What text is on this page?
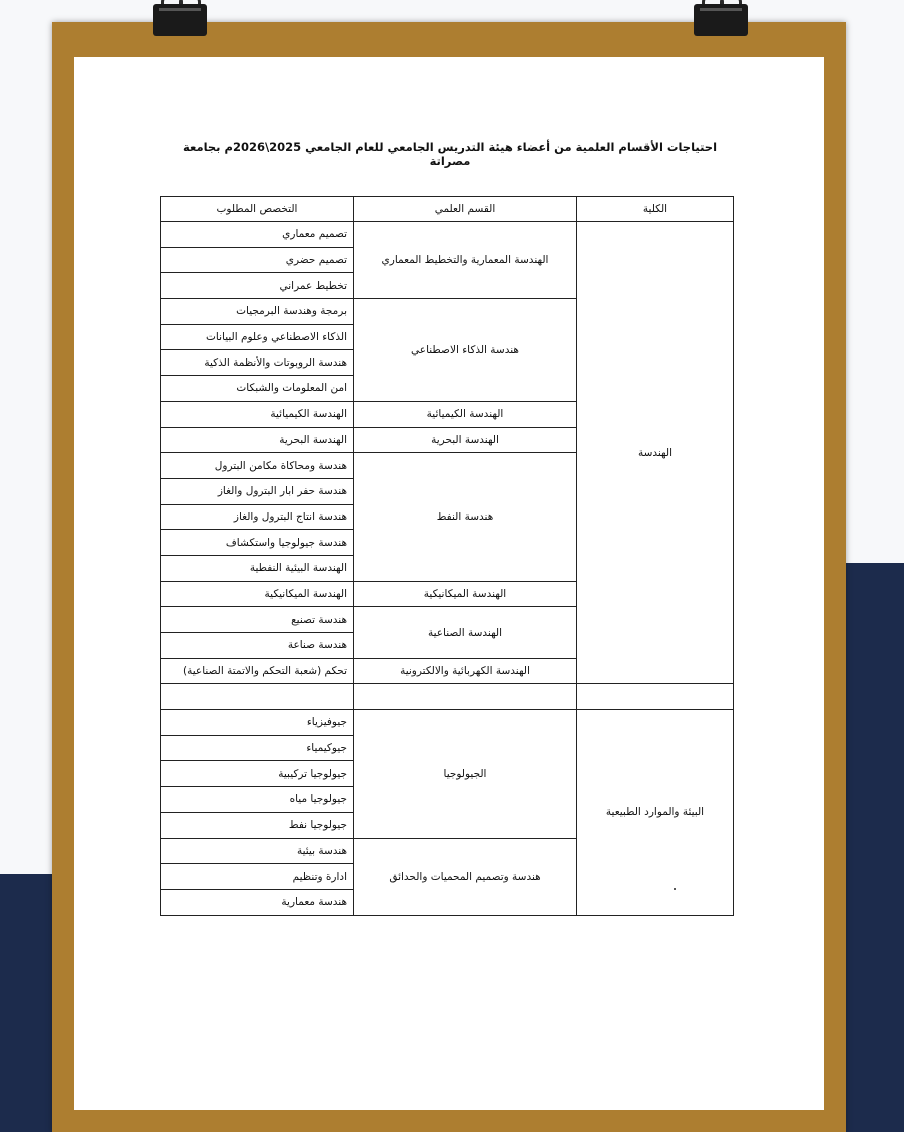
احتياجات الأقسام العلمية من أعضاء هيئة التدريس الجامعي للعام الجامعي 2025\2026م بجامعة مصراتة
الكلية	القسم العلمي	التخصص المطلوب
الهندسة	الهندسة المعمارية والتخطيط المعماري	تصميم معماري
		تصميم حضري
		تخطيط عمراني
	هندسة الذكاء الاصطناعي	برمجة وهندسة البرمجيات
		الذكاء الاصطناعي وعلوم البيانات
		هندسة الروبوتات والأنظمة الذكية
		امن المعلومات والشبكات
	الهندسة الكيميائية	الهندسة الكيميائية
	الهندسة البحرية	الهندسة البحرية
	هندسة النفط	هندسة ومحاكاة مكامن البترول
		هندسة حفر ابار البترول والغاز
		هندسة انتاج البترول والغاز
		هندسة جيولوجيا واستكشاف
		الهندسة البيئية النفطية
	الهندسة الميكانيكية	الهندسة الميكانيكية
	الهندسة الصناعية	هندسة تصنيع
		هندسة صناعة
	الهندسة الكهربائية والالكترونية	تحكم (شعبة التحكم والاتمتة الصناعية)

البيئة والموارد الطبيعية	الجيولوجيا	جيوفيزياء
		جيوكيمياء
		جيولوجيا تركيبية
		جيولوجيا مياه
		جيولوجيا نفط
	هندسة وتصميم المحميات والحدائق	هندسة بيئية
		ادارة وتنظيم
		هندسة معمارية
